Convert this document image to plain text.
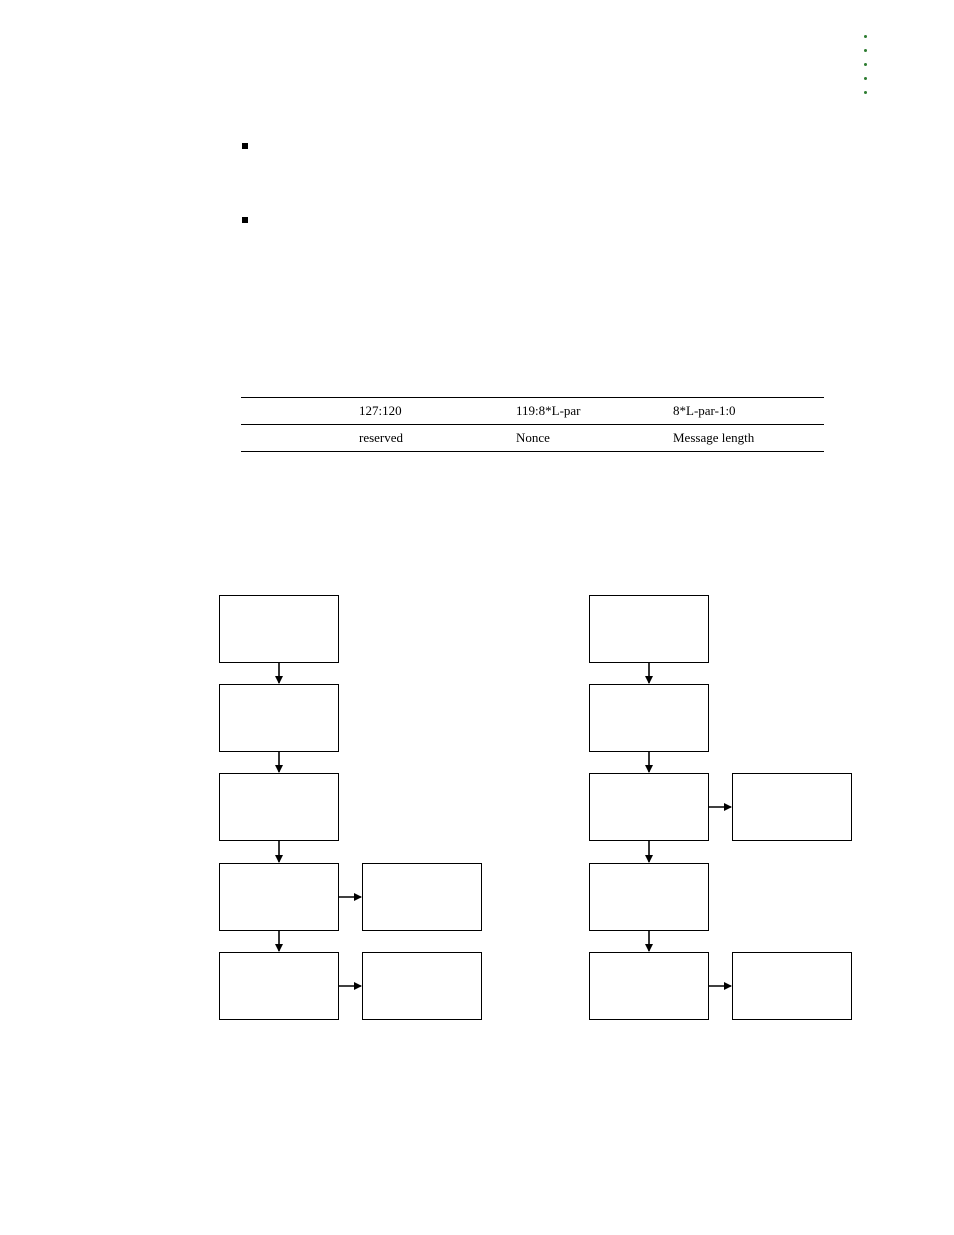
	127:120	119:8*L-par	8*L-par-1:0
	reserved	Nonce	Message length
